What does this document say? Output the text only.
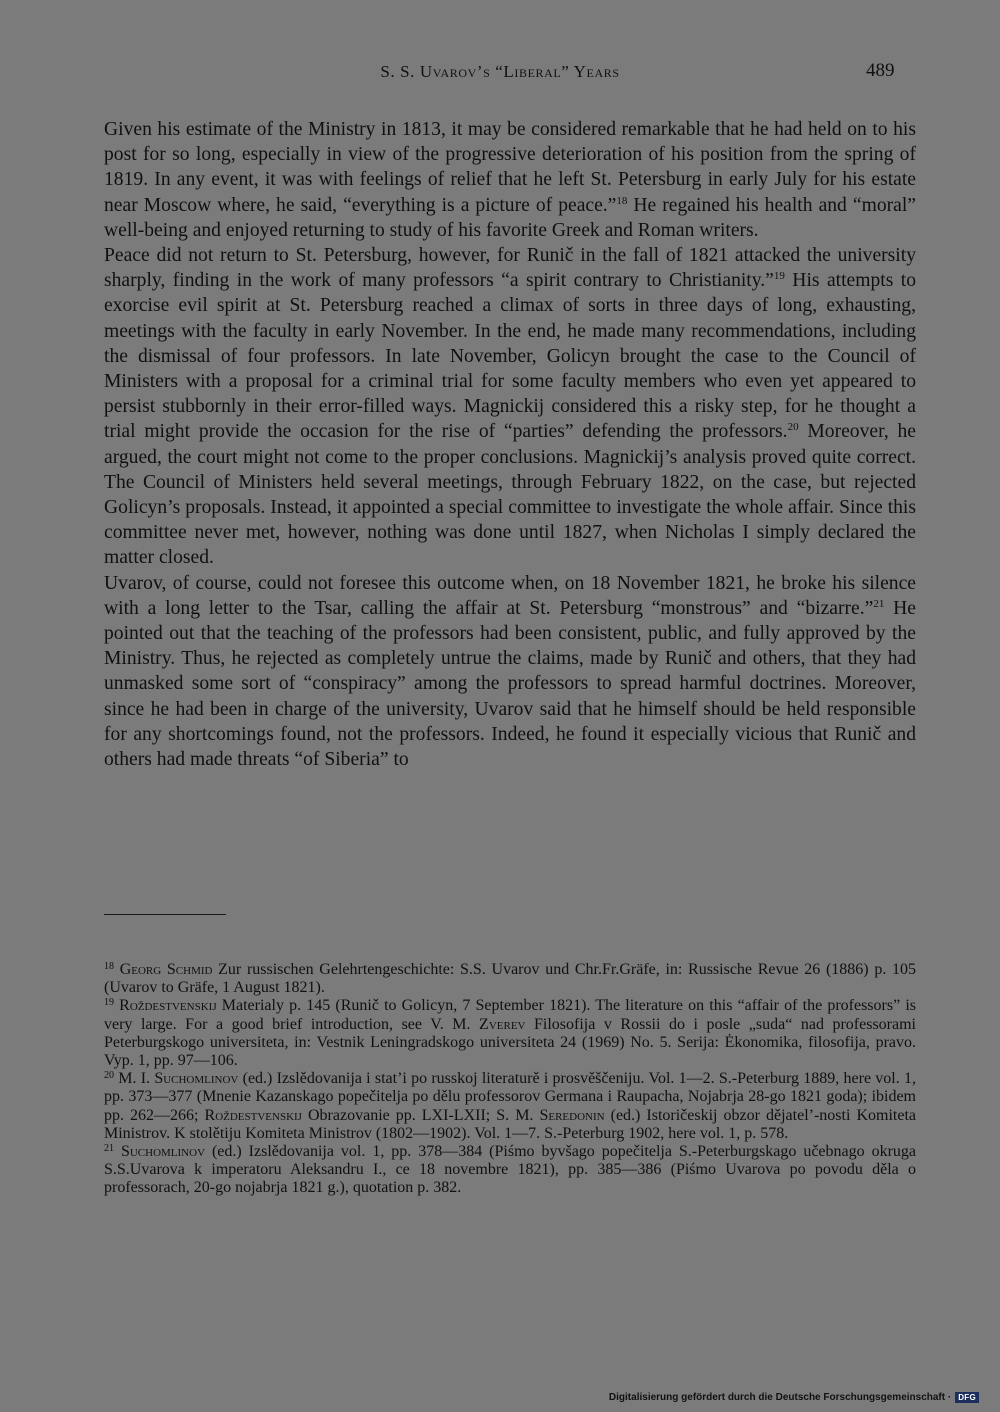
S. S. Uvarov’s “Liberal” Years	489

Given his estimate of the Ministry in 1813, it may be considered remarkable that he had held on to his post for so long, especially in view of the progressive deterioration of his position from the spring of 1819. In any event, it was with feelings of relief that he left St. Petersburg in early July for his estate near Moscow where, he said, “everything is a picture of peace.”$^{18}$ He regained his health and “moral” well-being and enjoyed returning to study of his favorite Greek and Roman writers.

Peace did not return to St. Petersburg, however, for Runič in the fall of 1821 attacked the university sharply, finding in the work of many professors “a spirit contrary to Christianity.”$^{19}$ His attempts to exorcise evil spirit at St. Petersburg reached a climax of sorts in three days of long, exhausting, meetings with the faculty in early November. In the end, he made many recommendations, including the dismissal of four professors. In late November, Golicyn brought the case to the Council of Ministers with a proposal for a criminal trial for some faculty members who even yet appeared to persist stubbornly in their error-filled ways. Magnickij considered this a risky step, for he thought a trial might provide the occasion for the rise of “parties” defending the professors.$^{20}$ Moreover, he argued, the court might not come to the proper conclusions. Magnickij’s analysis proved quite correct. The Council of Ministers held several meetings, through February 1822, on the case, but rejected Golicyn’s proposals. Instead, it appointed a special committee to investigate the whole affair. Since this committee never met, however, nothing was done until 1827, when Nicholas I simply declared the matter closed.

Uvarov, of course, could not foresee this outcome when, on 18 November 1821, he broke his silence with a long letter to the Tsar, calling the affair at St. Petersburg “monstrous” and “bizarre.”$^{21}$ He pointed out that the teaching of the professors had been consistent, public, and fully approved by the Ministry. Thus, he rejected as completely untrue the claims, made by Runič and others, that they had unmasked some sort of “conspiracy” among the professors to spread harmful doctrines. Moreover, since he had been in charge of the university, Uvarov said that he himself should be held responsible for any shortcomings found, not the professors. Indeed, he found it especially vicious that Runič and others had made threats “of Siberia” to

$^{18}$ Georg Schmid Zur russischen Gelehrtengeschichte: S.S. Uvarov und Chr.Fr.Gräfe, in: Russische Revue 26 (1886) p. 105 (Uvarov to Gräfe, 1 August 1821).

$^{19}$ Roždestvenskij Materialy p. 145 (Runič to Golicyn, 7 September 1821). The literature on this “affair of the professors” is very large. For a good brief introduction, see V. M. Zverev Filosofija v Rossii do i posle „suda“ nad professorami Peterburgskogo universiteta, in: Vestnik Leningradskogo universiteta 24 (1969) No. 5. Serija: Ėkonomika, filosofija, pravo. Vyp. 1, pp. 97—106.

$^{20}$ M. I. Suchomlinov (ed.) Izslědovanija i stat’i po russkoj literaturě i prosvěščeniju. Vol. 1—2. S.-Peterburg 1889, here vol. 1, pp. 373—377 (Mnenie Kazanskago popečitelja po dělu professorov Germana i Raupacha, Nojabrja 28-go 1821 goda); ibidem pp. 262—266; Roždestvenskij Obrazovanie pp. LXI-LXII; S. M. Seredonin (ed.) Istoričeskij obzor dějatel’-nosti Komiteta Ministrov. K stolětiju Komiteta Ministrov (1802—1902). Vol. 1—7. S.-Peterburg 1902, here vol. 1, p. 578.

$^{21}$ Suchomlinov (ed.) Izslědovanija vol. 1, pp. 378—384 (Piśmo byvšago popečitelja S.-Peterburgskago učebnago okruga S.S.Uvarova k imperatoru Aleksandru I., ce 18 novembre 1821), pp. 385—386 (Piśmo Uvarova po povodu děla o professorach, 20-go nojabrja 1821 g.), quotation p. 382.

Digitalisierung gefördert durch die Deutsche Forschungsgemeinschaft · DFG
